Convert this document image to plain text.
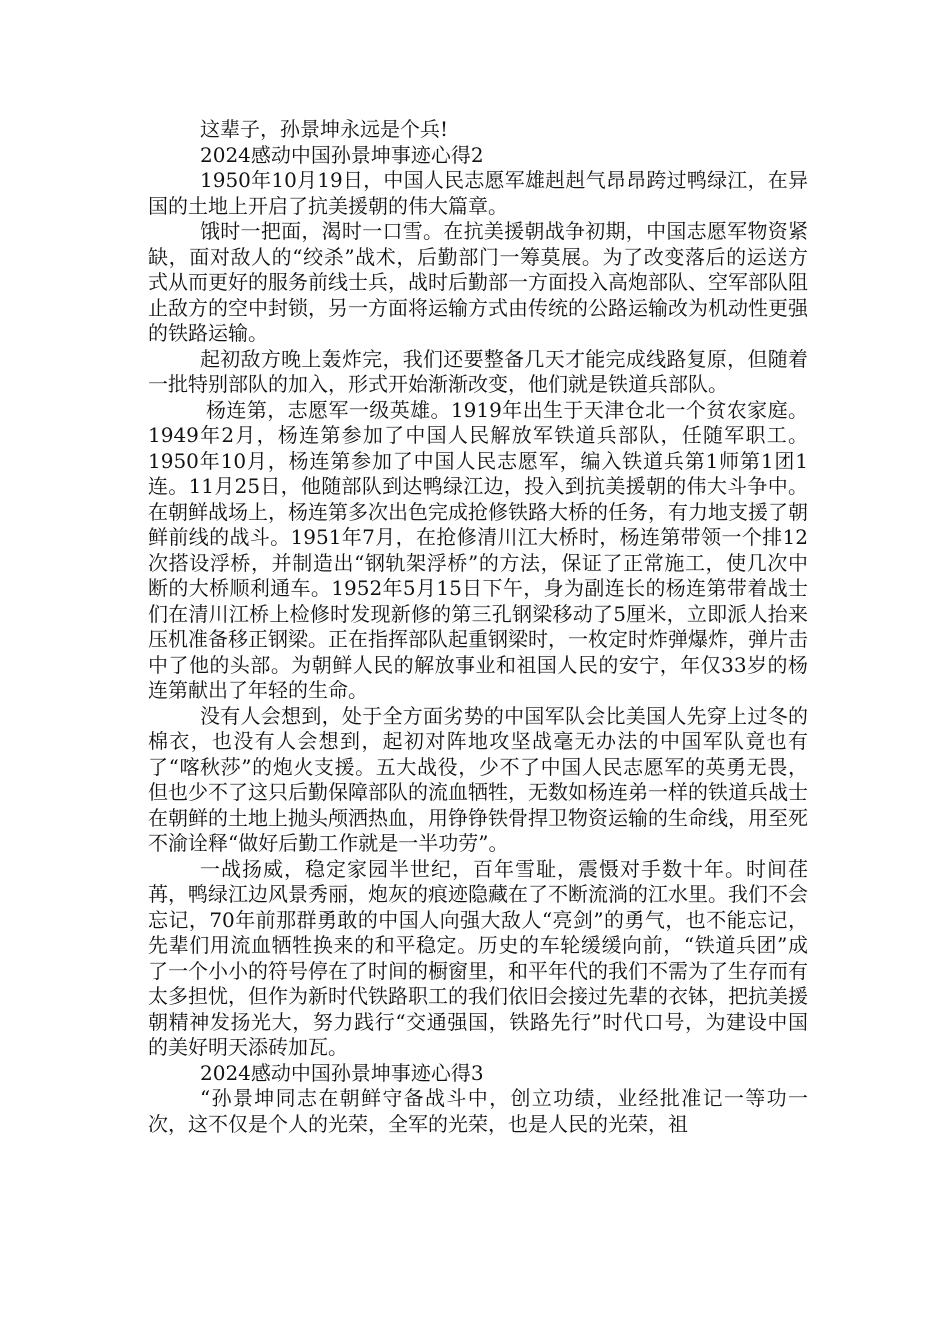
这辈子，孙景坤永远是个兵!

2024感动中国孙景坤事迹心得2

1950年10月19日，中国人民志愿军雄赳赳气昂昂跨过鸭绿江，在异国的土地上开启了抗美援朝的伟大篇章。

饿时一把面，渴时一口雪。在抗美援朝战争初期，中国志愿军物资紧缺，面对敌人的“绞杀”战术，后勤部门一筹莫展。为了改变落后的运送方式从而更好的服务前线士兵，战时后勤部一方面投入高炮部队、空军部队阻止敌方的空中封锁，另一方面将运输方式由传统的公路运输改为机动性更强的铁路运输。

起初敌方晚上轰炸完，我们还要整备几天才能完成线路复原，但随着一批特别部队的加入，形式开始渐渐改变，他们就是铁道兵部队。

杨连第，志愿军一级英雄。1919年出生于天津仓北一个贫农家庭。1949年2月，杨连第参加了中国人民解放军铁道兵部队，任随军职工。1950年10月，杨连第参加了中国人民志愿军，编入铁道兵第1师第1团1连。11月25日，他随部队到达鸭绿江边，投入到抗美援朝的伟大斗争中。在朝鲜战场上，杨连第多次出色完成抢修铁路大桥的任务，有力地支援了朝鲜前线的战斗。1951年7月，在抢修清川江大桥时，杨连第带领一个排12次搭设浮桥，并制造出“钢轨架浮桥”的方法，保证了正常施工，使几次中断的大桥顺利通车。1952年5月15日下午，身为副连长的杨连第带着战士们在清川江桥上检修时发现新修的第三孔钢梁移动了5厘米，立即派人抬来压机准备移正钢梁。正在指挥部队起重钢梁时，一枚定时炸弹爆炸，弹片击中了他的头部。为朝鲜人民的解放事业和祖国人民的安宁，年仅33岁的杨连第献出了年轻的生命。

没有人会想到，处于全方面劣势的中国军队会比美国人先穿上过冬的棉衣，也没有人会想到，起初对阵地攻坚战毫无办法的中国军队竟也有了“喀秋莎”的炮火支援。五大战役，少不了中国人民志愿军的英勇无畏，但也少不了这只后勤保障部队的流血牺牲，无数如杨连弟一样的铁道兵战士在朝鲜的土地上抛头颅洒热血，用铮铮铁骨捍卫物资运输的生命线，用至死不渝诠释“做好后勤工作就是一半功劳”。

一战扬威，稳定家园半世纪，百年雪耻，震慑对手数十年。时间荏苒，鸭绿江边风景秀丽，炮灰的痕迹隐藏在了不断流淌的江水里。我们不会忘记，70年前那群勇敢的中国人向强大敌人“亮剑”的勇气，也不能忘记，先辈们用流血牺牲换来的和平稳定。历史的车轮缓缓向前，“铁道兵团”成了一个小小的符号停在了时间的橱窗里，和平年代的我们不需为了生存而有太多担忧，但作为新时代铁路职工的我们依旧会接过先辈的衣钵，把抗美援朝精神发扬光大，努力践行“交通强国，铁路先行”时代口号，为建设中国的美好明天添砖加瓦。

2024感动中国孙景坤事迹心得3

“孙景坤同志在朝鲜守备战斗中，创立功绩，业经批准记一等功一次，这不仅是个人的光荣，全军的光荣，也是人民的光荣，祖
